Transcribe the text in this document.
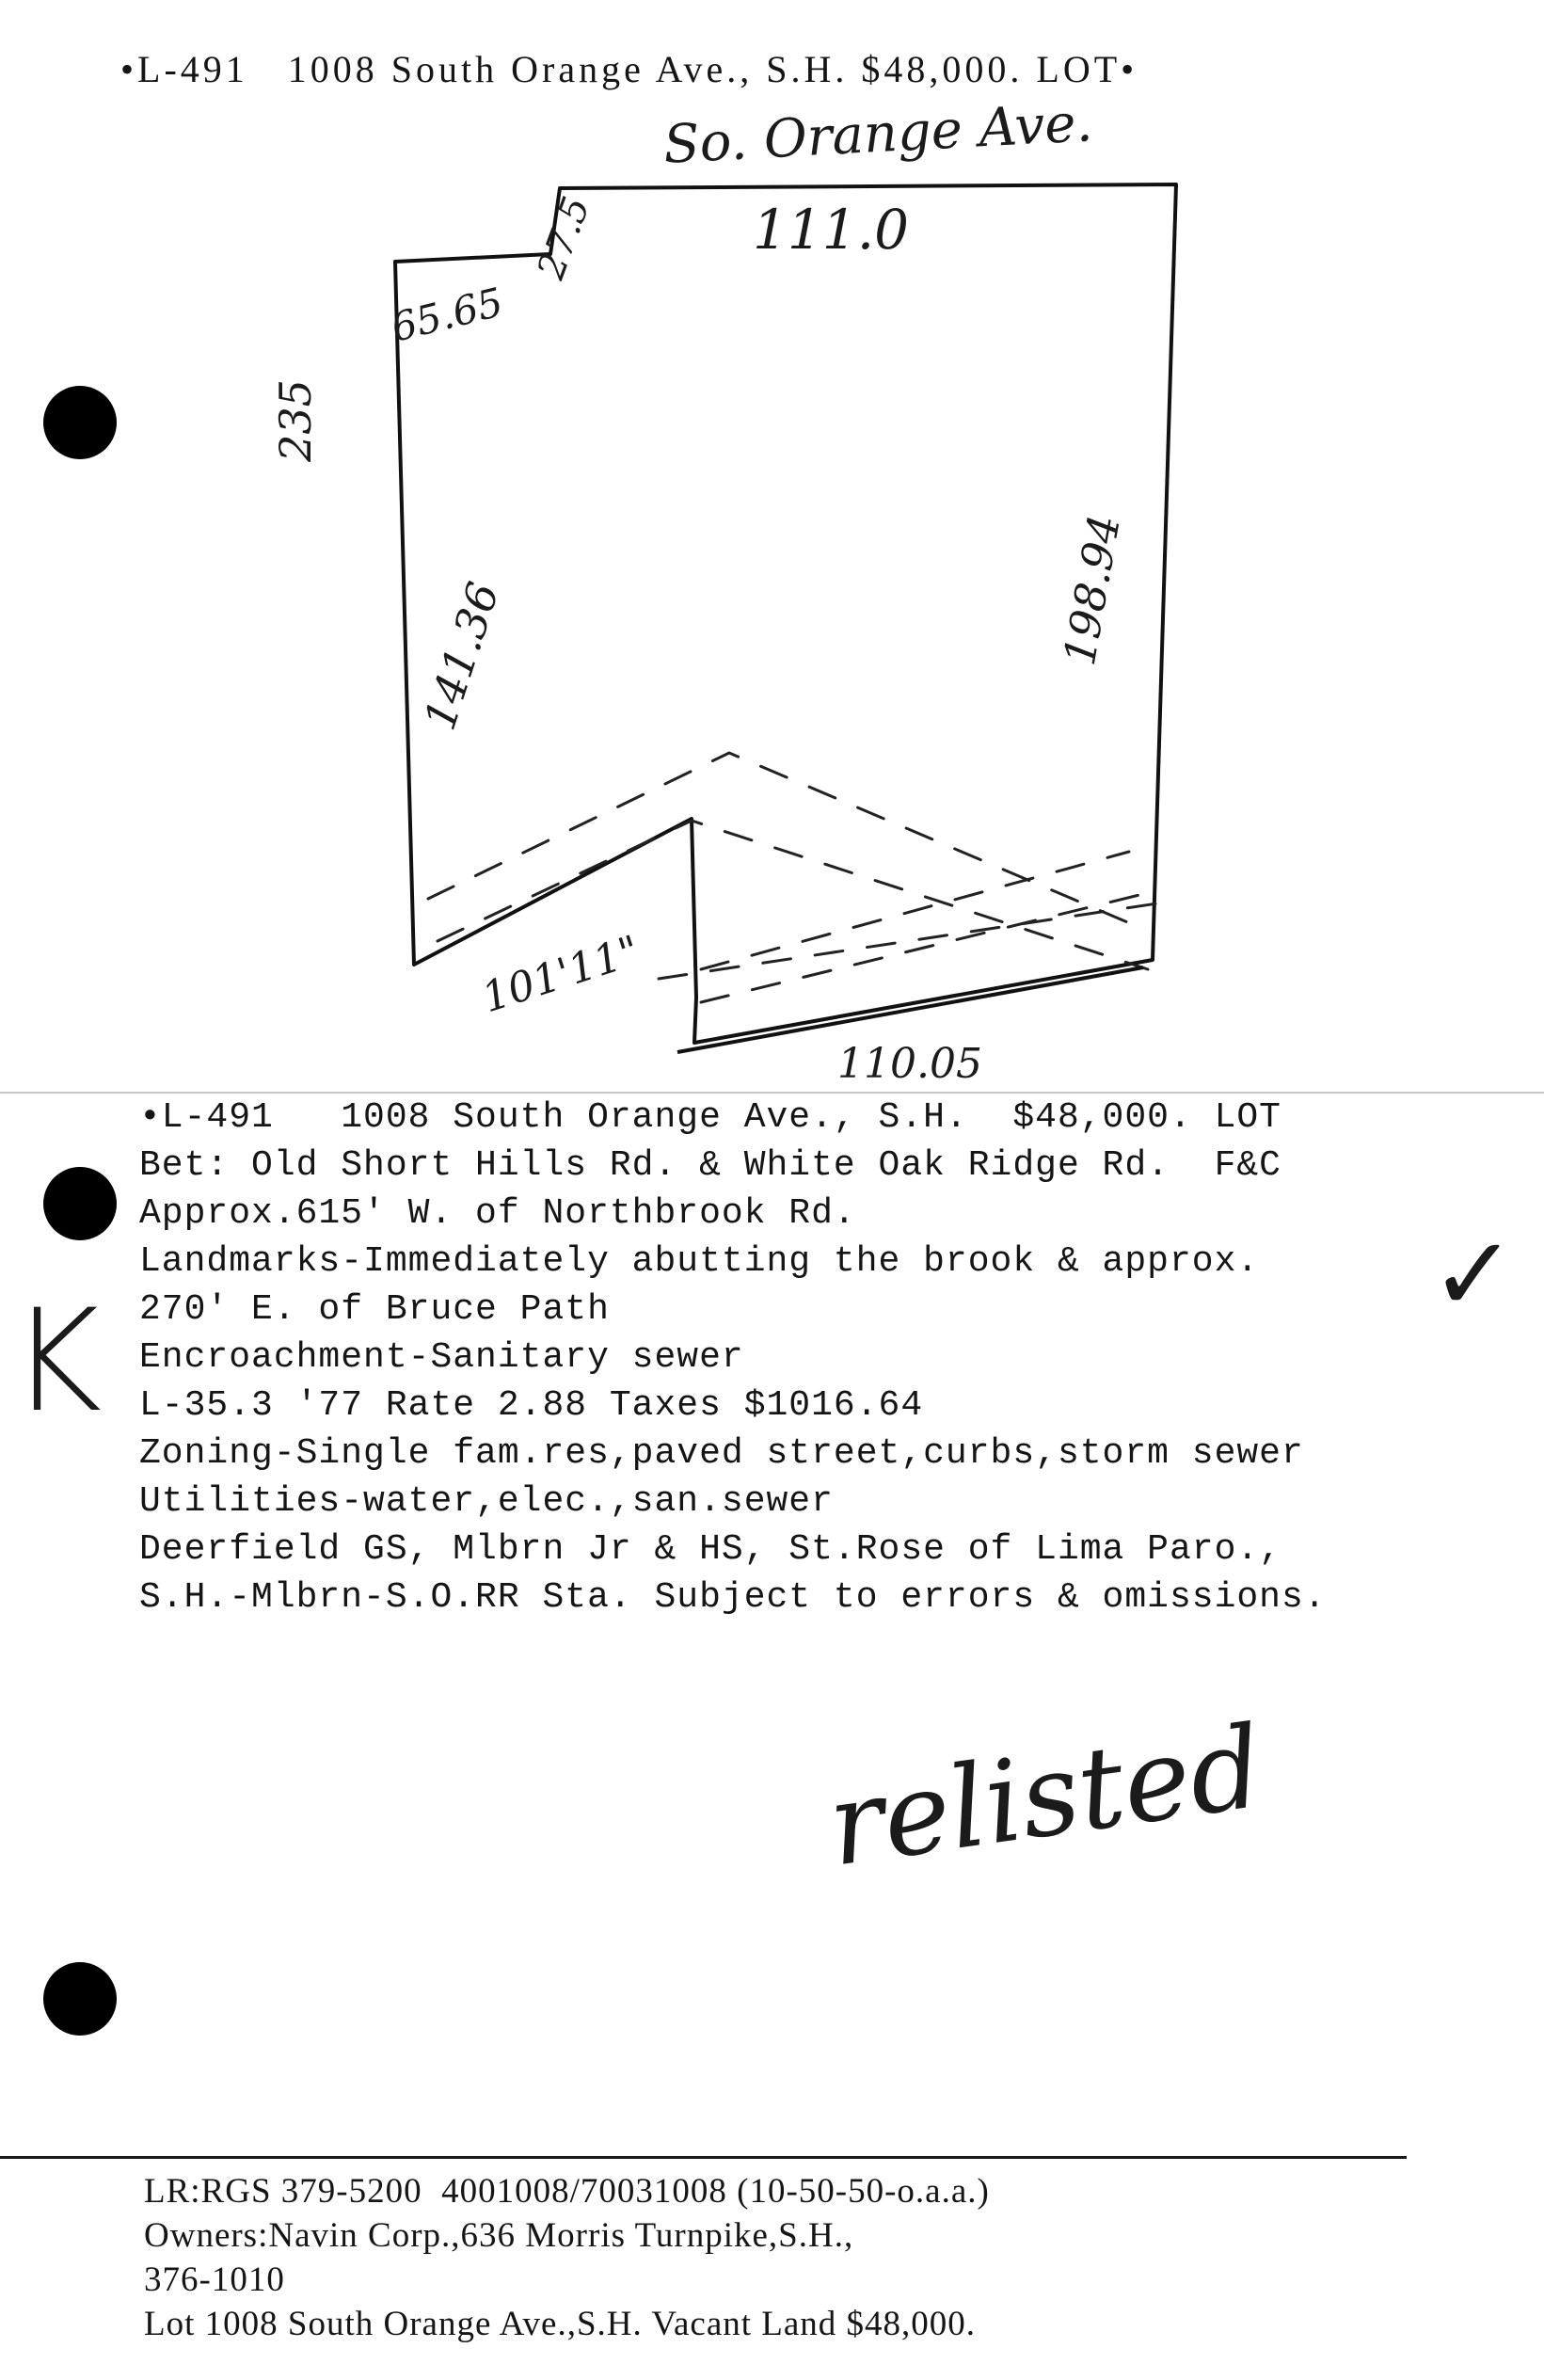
•L-491   1008 South Orange Ave., S.H. $48,000. LOT•
So. Orange Ave.
111.0
27.5
65.65
235
198.94
141.36
101'11"
110.05
•L-491   1008 South Orange Ave., S.H.  $48,000. LOT
Bet: Old Short Hills Rd. & White Oak Ridge Rd.  F&C
Approx.615' W. of Northbrook Rd.
Landmarks-Immediately abutting the brook & approx.
270' E. of Bruce Path
Encroachment-Sanitary sewer
L-35.3 '77 Rate 2.88 Taxes $1016.64
Zoning-Single fam.res,paved street,curbs,storm sewer
Utilities-water,elec.,san.sewer
Deerfield GS, Mlbrn Jr & HS, St.Rose of Lima Paro.,
S.H.-Mlbrn-S.O.RR Sta. Subject to errors & omissions.
K
✓
relisted
LR:RGS 379-5200  4001008/70031008 (10-50-50-o.a.a.)
Owners:Navin Corp.,636 Morris Turnpike,S.H.,
376-1010
Lot 1008 South Orange Ave.,S.H. Vacant Land $48,000.
